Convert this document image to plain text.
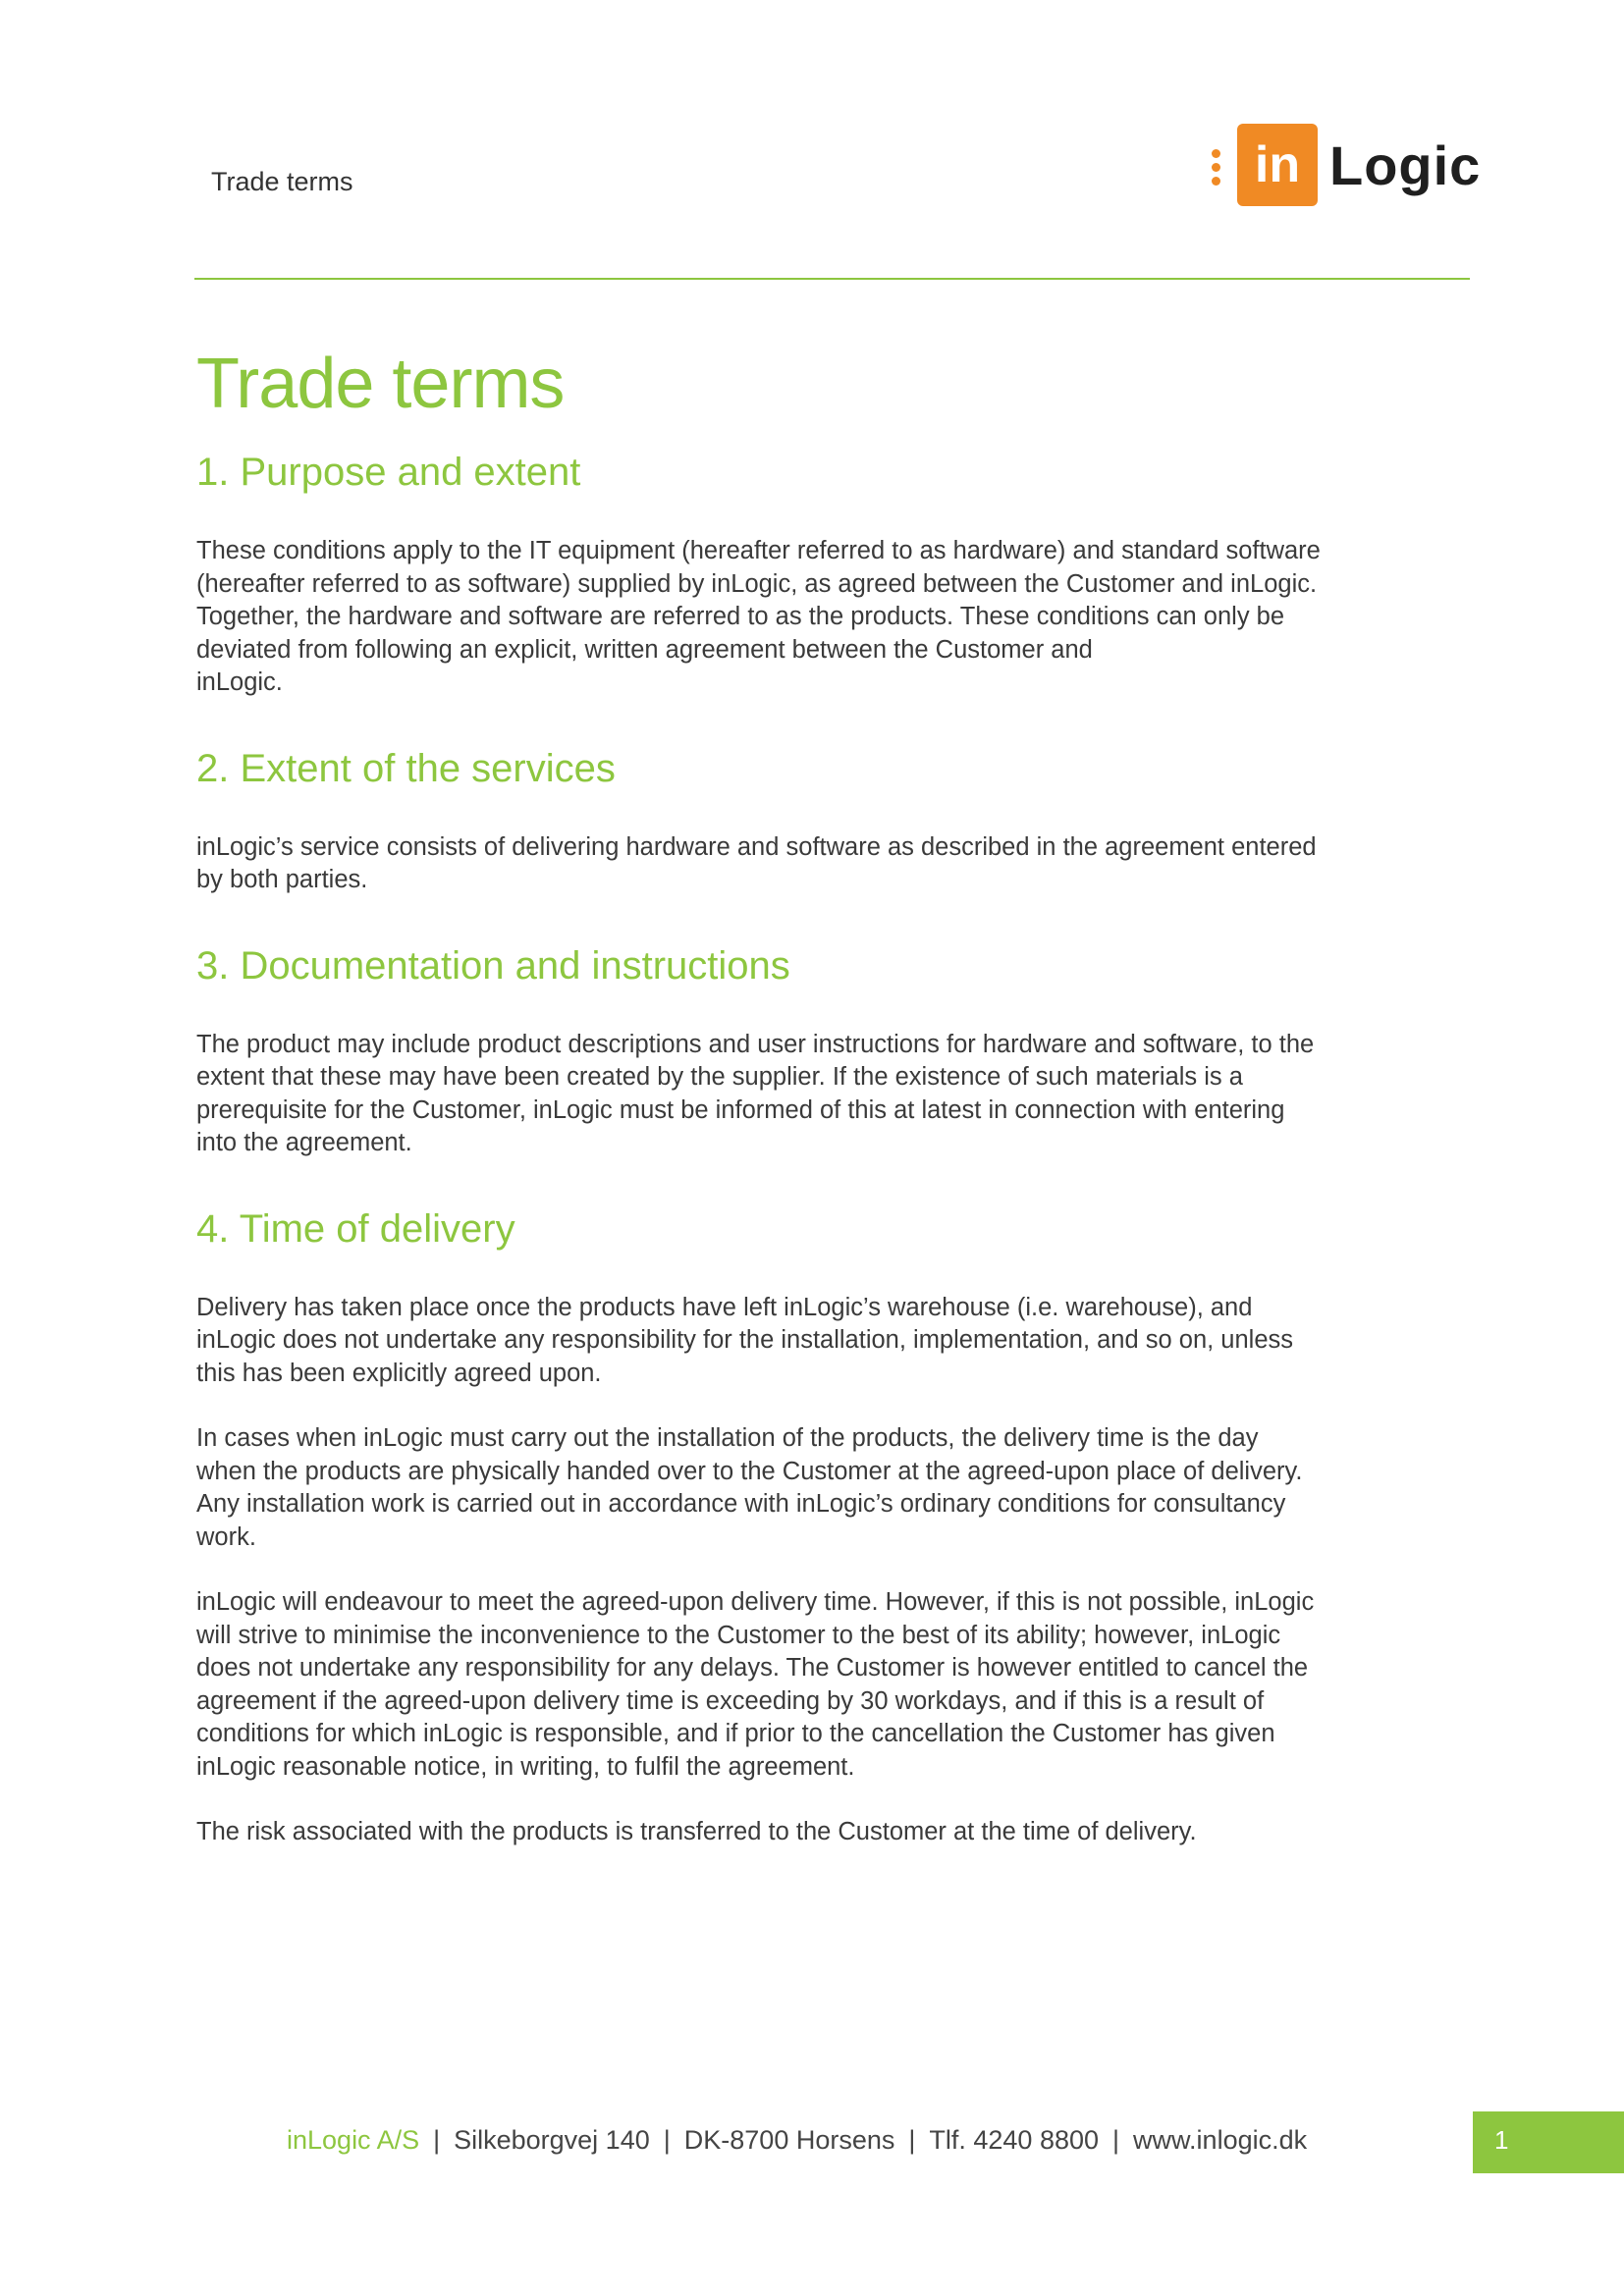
Trade terms	in Logic
Trade terms
1. Purpose and extent

These conditions apply to the IT equipment (hereafter referred to as hardware) and standard software
(hereafter referred to as software) supplied by inLogic, as agreed between the Customer and inLogic.
Together, the hardware and software are referred to as the products. These conditions can only be
deviated from following an explicit, written agreement between the Customer and
inLogic.

2. Extent of the services

inLogic’s service consists of delivering hardware and software as described in the agreement entered
by both parties.

3. Documentation and instructions

The product may include product descriptions and user instructions for hardware and software, to the
extent that these may have been created by the supplier. If the existence of such materials is a
prerequisite for the Customer, inLogic must be informed of this at latest in connection with entering
into the agreement.

4. Time of delivery

Delivery has taken place once the products have left inLogic’s warehouse (i.e. warehouse), and
inLogic does not undertake any responsibility for the installation, implementation, and so on, unless
this has been explicitly agreed upon.

In cases when inLogic must carry out the installation of the products, the delivery time is the day
when the products are physically handed over to the Customer at the agreed-upon place of delivery.
Any installation work is carried out in accordance with inLogic’s ordinary conditions for consultancy
work.

inLogic will endeavour to meet the agreed-upon delivery time. However, if this is not possible, inLogic
will strive to minimise the inconvenience to the Customer to the best of its ability; however, inLogic
does not undertake any responsibility for any delays. The Customer is however entitled to cancel the
agreement if the agreed-upon delivery time is exceeding by 30 workdays, and if this is a result of
conditions for which inLogic is responsible, and if prior to the cancellation the Customer has given
inLogic reasonable notice, in writing, to fulfil the agreement.

The risk associated with the products is transferred to the Customer at the time of delivery.

inLogic A/S | Silkeborgvej 140 | DK-8700 Horsens | Tlf. 4240 8800 | www.inlogic.dk	1
